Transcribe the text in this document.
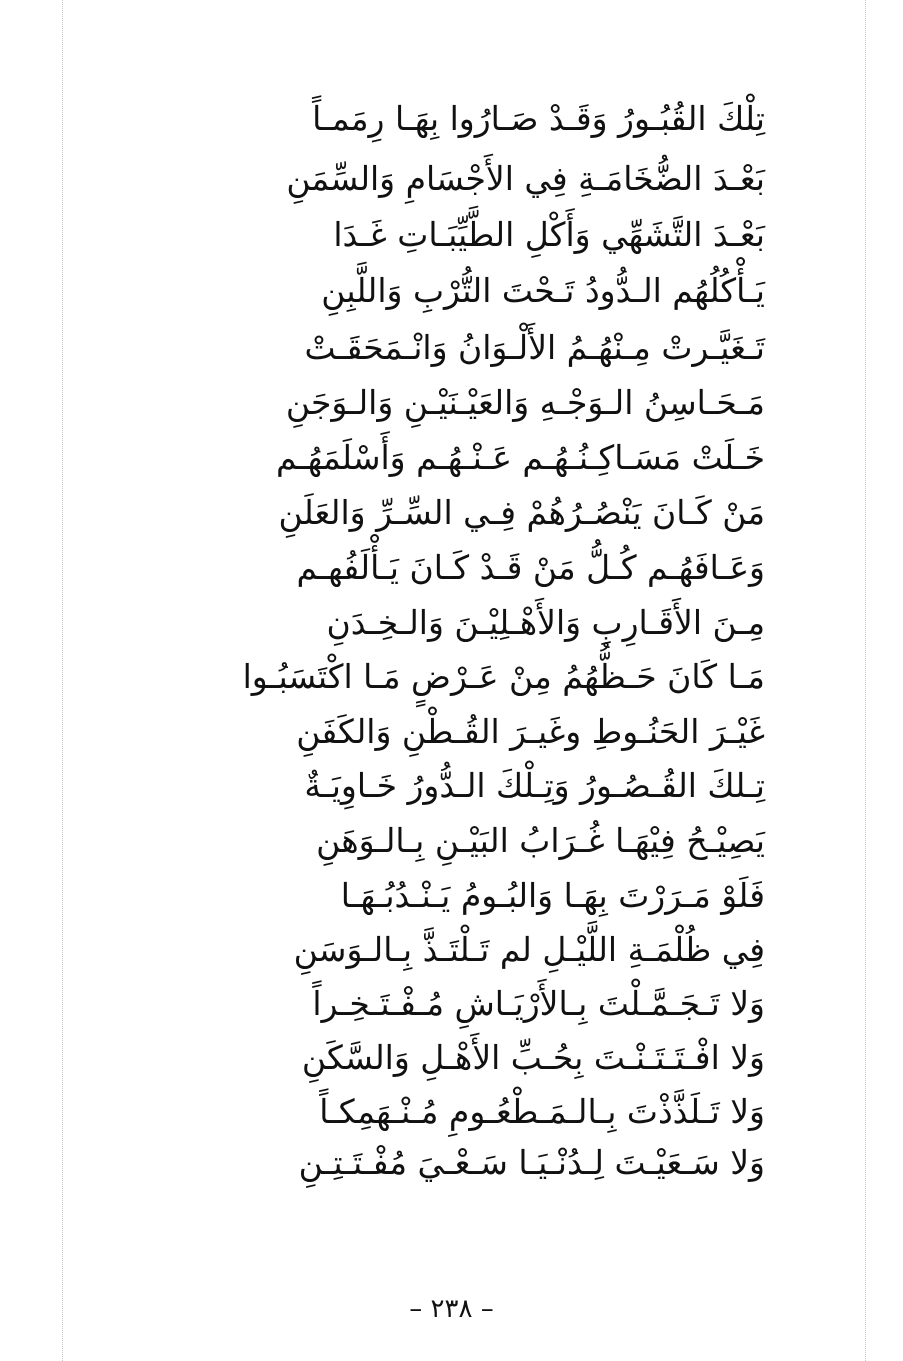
تِلْكَ القُبُـورُ وَقَـدْ صَـارُوا بِهَـا رِمَمـاً
بَعْـدَ الضُّخَامَـةِ فِي الأَجْسَامِ وَالسِّمَنِ
بَعْـدَ التَّشَهِّي وَأَكْلِ الطَّيِّبَـاتِ غَـدَا
يَـأْكُلُهُم الـدُّودُ تَـحْتَ التُّرْبِ وَاللَّبِنِ
تَـغَيَّـرتْ مِـنْهُـمُ الأَلْـوَانُ وَانْـمَحَقَـتْ
مَـحَـاسِنُ الـوَجْـهِ وَالعَيْـنَيْـنِ وَالـوَجَنِ
خَـلَتْ مَسَـاكِـنُـهُـم عَـنْـهُـم وَأَسْلَمَهُـم
مَنْ كَـانَ يَنْصُـرُهُمْ فِـي السِّـرِّ وَالعَلَنِ
وَعَـافَهُـم كُـلُّ مَنْ قَـدْ كَـانَ يَـأْلَفُهـم
مِـنَ الأَقَـارِبِ وَالأَهْـلِيْـنَ وَالـخِـدَنِ
مَـا كَانَ حَـظُّهُمُ مِنْ عَـرْضٍ مَـا اكْتَسَبُـوا
غَيْـرَ الحَنُـوطِ وغَيـرَ القُـطْنِ وَالكَفَنِ
تِـلكَ القُـصُـورُ وَتِـلْكَ الـدُّورُ خَـاوِيَـةٌ
يَصِيْـحُ فِيْهَـا غُـرَابُ البَيْـنِ بِـالـوَهَنِ
فَلَوْ مَـرَرْتَ بِهَـا وَالبُـومُ يَـنْـدُبُـهَـا
فِي ظُلْمَـةِ اللَّيْـلِ لم تَـلْتَـذَّ بِـالـوَسَنِ
وَلا تَـجَـمَّـلْتَ بِـالأَرْيَـاشِ مُـفْـتَـخِـراً
وَلا افْـتَـتَـنْـتَ بِحُـبِّ الأَهْـلِ وَالسَّكَنِ
وَلا تَـلَذَّذْتَ بِـالـمَـطْعُـومِ مُـنْـهَمِكـاً
وَلا سَـعَيْـتَ لِـدُنْـيَـا سَـعْـيَ مُفْـتَـتِـنِ
– ٢٣٨ –
